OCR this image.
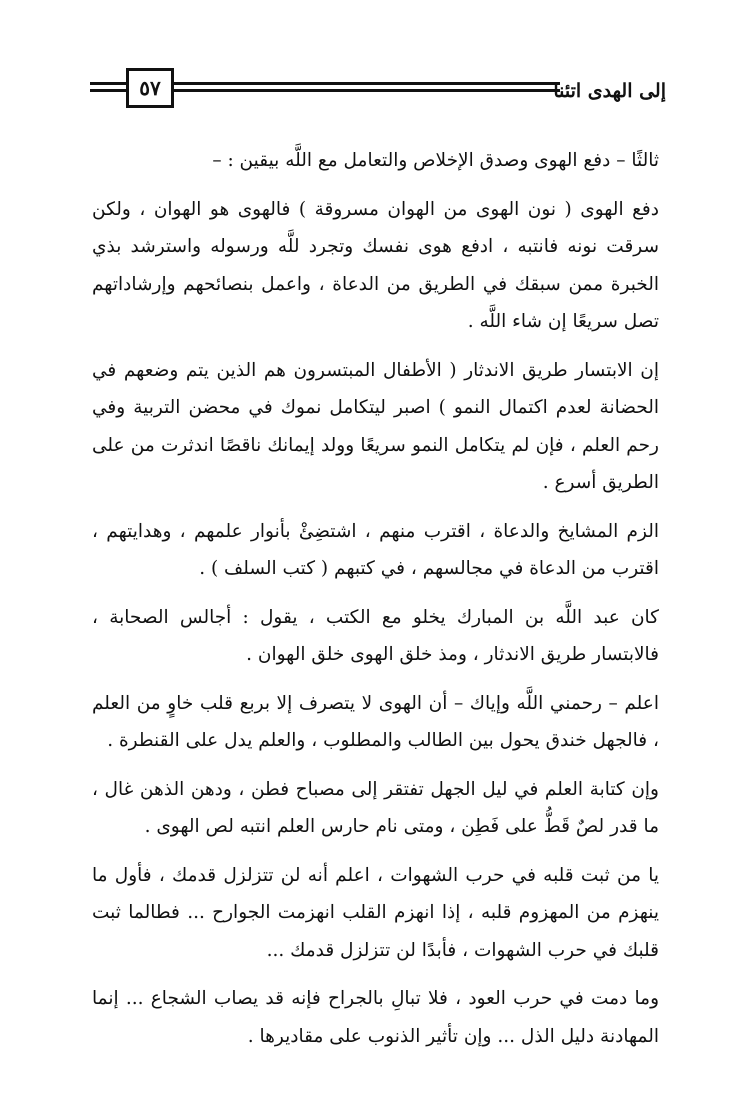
٥٧	إلى الهدى اتئنا

ثالثًا – دفع الهوى وصدق الإخلاص والتعامل مع اللَّه بيقين : –

دفع الهوى ( نون الهوى من الهوان مسروقة ) فالهوى هو الهوان ، ولكن سرقت نونه فانتبه ، ادفع هوى نفسك وتجرد للَّه ورسوله واسترشد بذي الخبرة ممن سبقك في الطريق من الدعاة ، واعمل بنصائحهم وإرشاداتهم تصل سريعًا إن شاء اللَّه .

إن الابتسار طريق الاندثار ( الأطفال المبتسرون هم الذين يتم وضعهم في الحضانة لعدم اكتمال النمو ) اصبر ليتكامل نموك في محضن التربية وفي رحم العلم ، فإن لم يتكامل النمو سريعًا وولد إيمانك ناقصًا اندثرت من على الطريق أسرع .

الزم المشايخ والدعاة ، اقترب منهم ، اشتضِئْ بأنوار علمهم ، وهدايتهم ، اقترب من الدعاة في مجالسهم ، في كتبهم ( كتب السلف ) .

كان عبد اللَّه بن المبارك يخلو مع الكتب ، يقول : أجالس الصحابة ، فالابتسار طريق الاندثار ، ومذ خلق الهوى خلق الهوان .

اعلم – رحمني اللَّه وإياك – أن الهوى لا يتصرف إلا بربع قلب خاوٍ من العلم ، فالجهل خندق يحول بين الطالب والمطلوب ، والعلم يدل على القنطرة .

وإن كتابة العلم في ليل الجهل تفتقر إلى مصباح فطن ، ودهن الذهن غال ، ما قدر لصٌ قَطُّ على فَطِن ، ومتى نام حارس العلم انتبه لص الهوى .

يا من ثبت قلبه في حرب الشهوات ، اعلم أنه لن تتزلزل قدمك ، فأول ما ينهزم من المهزوم قلبه ، إذا انهزم القلب انهزمت الجوارح ... فطالما ثبت قلبك في حرب الشهوات ، فأبدًا لن تتزلزل قدمك ...

وما دمت في حرب العود ، فلا تبالِ بالجراح فإنه قد يصاب الشجاع ... إنما المهادنة دليل الذل ... وإن تأثير الذنوب على مقاديرها .
